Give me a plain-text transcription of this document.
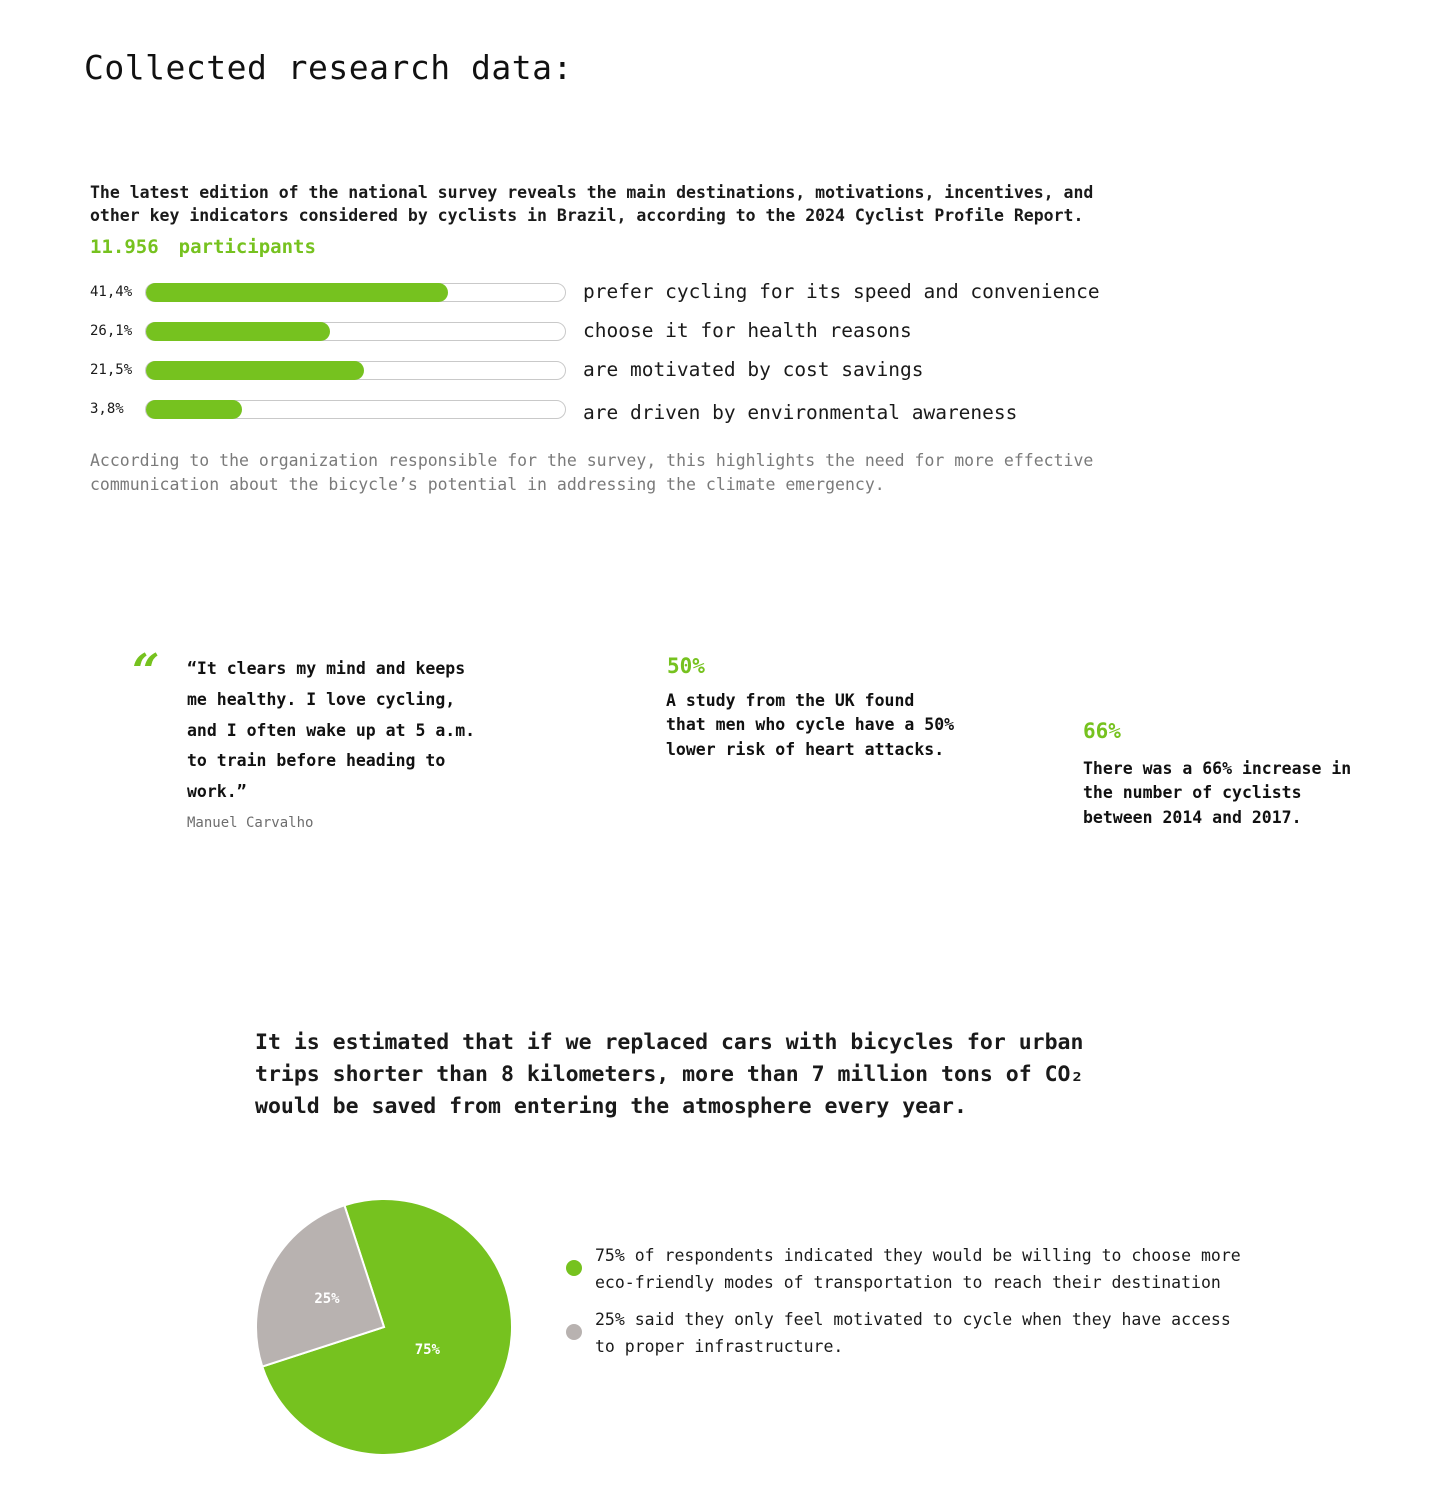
Collected research data:

The latest edition of the national survey reveals the main destinations, motivations, incentives, and other key indicators considered by cyclists in Brazil, according to the 2024 Cyclist Profile Report.

11.956 participants
41,4%	prefer cycling for its speed and convenience
26,1%	choose it for health reasons
21,5%	are motivated by cost savings
3,8%	are driven by environmental awareness

According to the organization responsible for the survey, this highlights the need for more effective communication about the bicycle’s potential in addressing the climate emergency.

“ “It clears my mind and keeps me healthy. I love cycling, and I often wake up at 5 a.m. to train before heading to work.”

Manuel Carvalho
50%

A study from the UK found that men who cycle have a 50% lower risk of heart attacks.

66%

There was a 66% increase in the number of cyclists between 2014 and 2017.

It is estimated that if we replaced cars with bicycles for urban trips shorter than 8 kilometers, more than 7 million tons of CO₂ would be saved from entering the atmosphere every year.

75%
25%

75% of respondents indicated they would be willing to choose more eco-friendly modes of transportation to reach their destination

25% said they only feel motivated to cycle when they have access to proper infrastructure.
